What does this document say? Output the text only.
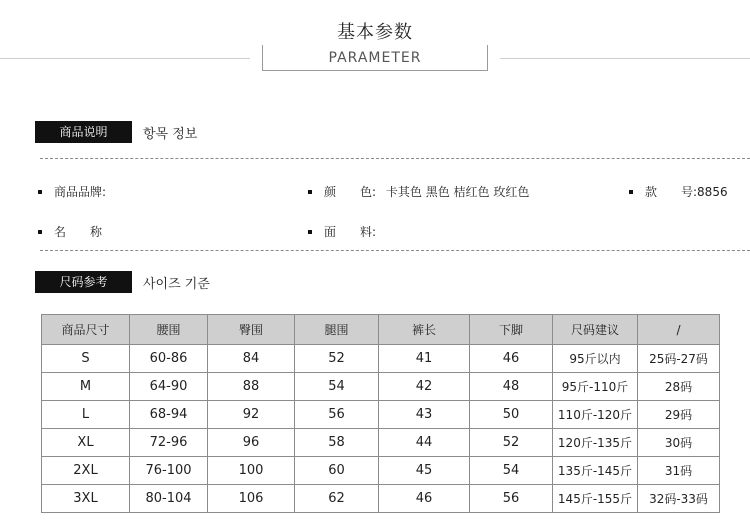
基本参数
PARAMETER
商品说明	항목 정보
商品品牌:	颜　　色: 卡其色 黑色 桔红色 玫红色	款　　号:8856
名　　称	面　　料:
尺码参考	사이즈 기준
商品尺寸	腰围	臀围	腿围	裤长	下脚	尺码建议	/
S	60-86	84	52	41	46	95斤以内	25码-27码
M	64-90	88	54	42	48	95斤-110斤	28码
L	68-94	92	56	43	50	110斤-120斤	29码
XL	72-96	96	58	44	52	120斤-135斤	30码
2XL	76-100	100	60	45	54	135斤-145斤	31码
3XL	80-104	106	62	46	56	145斤-155斤	32码-33码
